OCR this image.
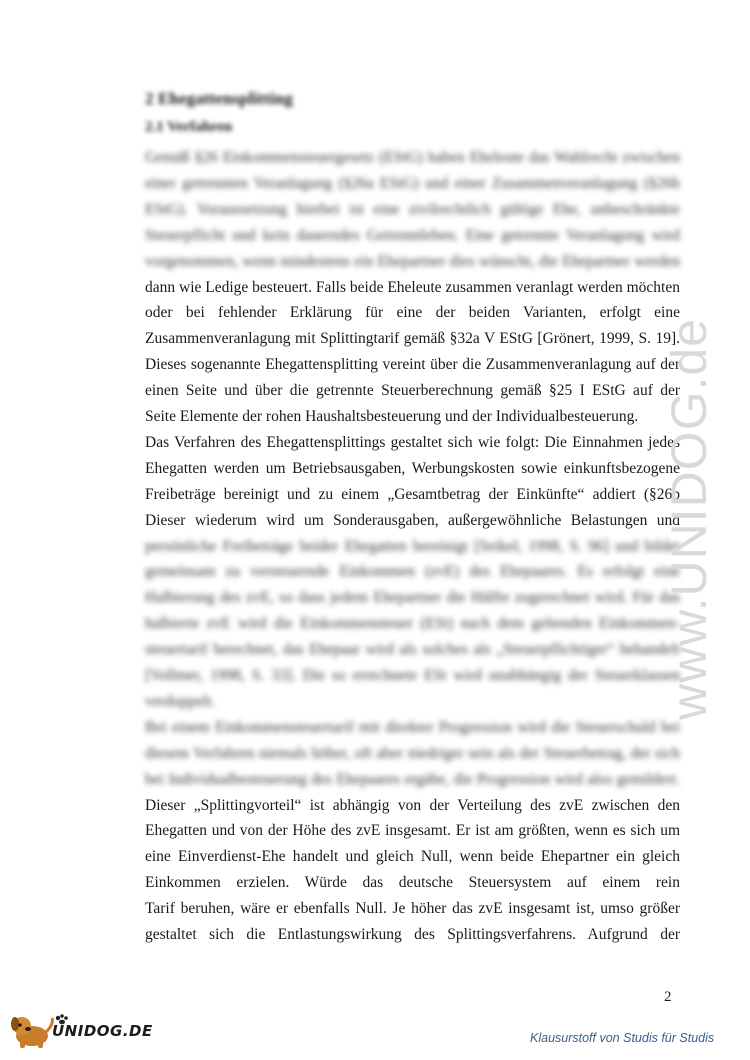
2 Ehegattensplitting
2.1 Verfahren
Gemäß §26 Einkommensteuergesetz (EStG) haben Eheleute das Wahlrecht zwischen
einer getrennten Veranlagung (§26a EStG) und einer Zusammenveranlagung (§26b
EStG). Voraussetzung hierbei ist eine zivilrechtlich gültige Ehe, unbeschränkte
Steuerpflicht und kein dauerndes Getrenntleben. Eine getrennte Veranlagung wird
vorgenommen, wenn mindestens ein Ehepartner dies wünscht, die Ehepartner werden
dann wie Ledige besteuert. Falls beide Eheleute zusammen veranlagt werden möchten
oder bei fehlender Erklärung für eine der beiden Varianten, erfolgt eine
Zusammenveranlagung mit Splittingtarif gemäß §32a V EStG [Grönert, 1999, S. 19].
Dieses sogenannte Ehegattensplitting vereint über die Zusammenveranlagung auf der
einen Seite und über die getrennte Steuerberechnung gemäß §25 I EStG auf der
Seite Elemente der rohen Haushaltsbesteuerung und der Individualbesteuerung.
Das Verfahren des Ehegattensplittings gestaltet sich wie folgt: Die Einnahmen jedes
Ehegatten werden um Betriebsausgaben, Werbungskosten sowie einkunftsbezogene
Freibeträge bereinigt und zu einem „Gesamtbetrag der Einkünfte“ addiert (§26b
Dieser wiederum wird um Sonderausgaben, außergewöhnliche Belastungen und
persönliche Freibeträge beider Ehegatten bereinigt [Seikel, 1998, S. 96] und bildet
gemeinsam zu versteuernde Einkommen (zvE) des Ehepaares. Es erfolgt eine
Halbierung des zvE, so dass jedem Ehepartner die Hälfte zugerechnet wird. Für das
halbierte zvE wird die Einkommensteuer (ESt) nach dem geltenden Einkommen-
steuertarif berechnet, das Ehepaar wird als solches als „Steuerpflichtiger“ behandelt
[Vollmer, 1998, S. 33]. Die so errechnete ESt wird unabhängig der Steuerklassen
verdoppelt.
Bei einem Einkommensteuertarif mit direkter Progression wird die Steuerschuld bei
diesem Verfahren niemals höher, oft aber niedriger sein als der Steuerbetrag, der sich
bei Individualbesteuerung des Ehepaares ergäbe, die Progression wird also gemildert.
Dieser „Splittingvorteil“ ist abhängig von der Verteilung des zvE zwischen den
Ehegatten und von der Höhe des zvE insgesamt. Er ist am größten, wenn es sich um
eine Einverdienst-Ehe handelt und gleich Null, wenn beide Ehepartner ein gleich
Einkommen erzielen. Würde das deutsche Steuersystem auf einem rein
Tarif beruhen, wäre er ebenfalls Null. Je höher das zvE insgesamt ist, umso größer
gestaltet sich die Entlastungswirkung des Splittingsverfahrens. Aufgrund der
www.UNIDOG.de
2
UNIDOG.DE	Klausurstoff von Studis für Studis
